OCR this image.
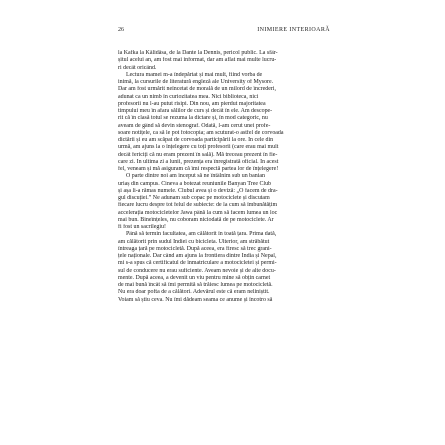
26	INIMIERE INTERIOARĂ
la Kafka la Kālidāsa, de la Dante la Dennis, pericol public. La sfâr-
șitul acelui an, am fost mai informat, dar am aflat mai multe lucru-
ri decât oricând.
Lectura mamei m-a îndepărtat și mai mult, fiind vorba de
inimă, la cursurile de literatură engleză ale University of Mysore.
Dar am fost urmărit neîncetat de morală de un milord de încrederi,
adunat ca un nimb în curiozitatea mea. Nici biblioteca, nici
profesorii nu l-au putut risipi. Din nou, am pierdut majoritatea
timpului meu în afara sălilor de curs și decât în ele. Am descope-
rit că în clasă totul se rezuma la dictare și, în mod categoric, nu
aveam de gând să devin stenograf. Odată, l-am cerut unei profe-
soare notițele, ca să le pot fotocopia; am scuturat-o astfel de corvoada
dictării și eu am scăpat de corvoada participării la ore. În cele din
urmă, am ajuns la o înțelegere cu toți profesorii (care erau mai mult
decât fericiți că nu eram prezent în sală). Mă treceau prezent în fie-
care zi. În ultima zi a lunii, prezența era înregistrată oficial. În acest
fel, veneam și mă asiguram că îmi respectă partea lor de înțelegere!
O parte dintre noi am început să ne întâlnim sub un banian
uriaș din campus. Cineva a botezat reuniunile Banyan Tree Club
și așa li-a rămas numele. Clubul avea și o deviză: „O facem de dra-
gul discuției.” Ne adunam sub copac pe motociclete și discutam
fiecare lucru despre tot felul de subiecte: de la cum să îmbunătățim
accelerația motocicletelor Jawa până la cum să facem lumea un loc
mai bun. Bineînțeles, nu coboram niciodată de pe motociclete. Ar
fi fost un sacrilegiu!
Până să termin facultatea, am călătorit în toată țara. Prima dată,
am călătorit prin sudul Indiei cu bicicleta. Ulterior, am străbătut
întreaga țară pe motocicletă. După aceea, era firesc să trec grani-
țele naționale. Dar când am ajuns la frontiera dintre India și Nepal,
mi s-a spus că certificatul de înmatriculare a motocicletei și permi-
sul de conducere nu erau suficiente. Aveam nevoie și de alte docu-
mente. După aceea, a devenit un viu pentru mine să obțin carnet
de mai bună încât să îmi permită să trăiesc lumea pe motocicletă.
Nu era doar pofta de a călători. Adevărul este că eram neliniștit.
Voiam să știu ceva. Nu îmi dădeam seama ce anume și încotro să
